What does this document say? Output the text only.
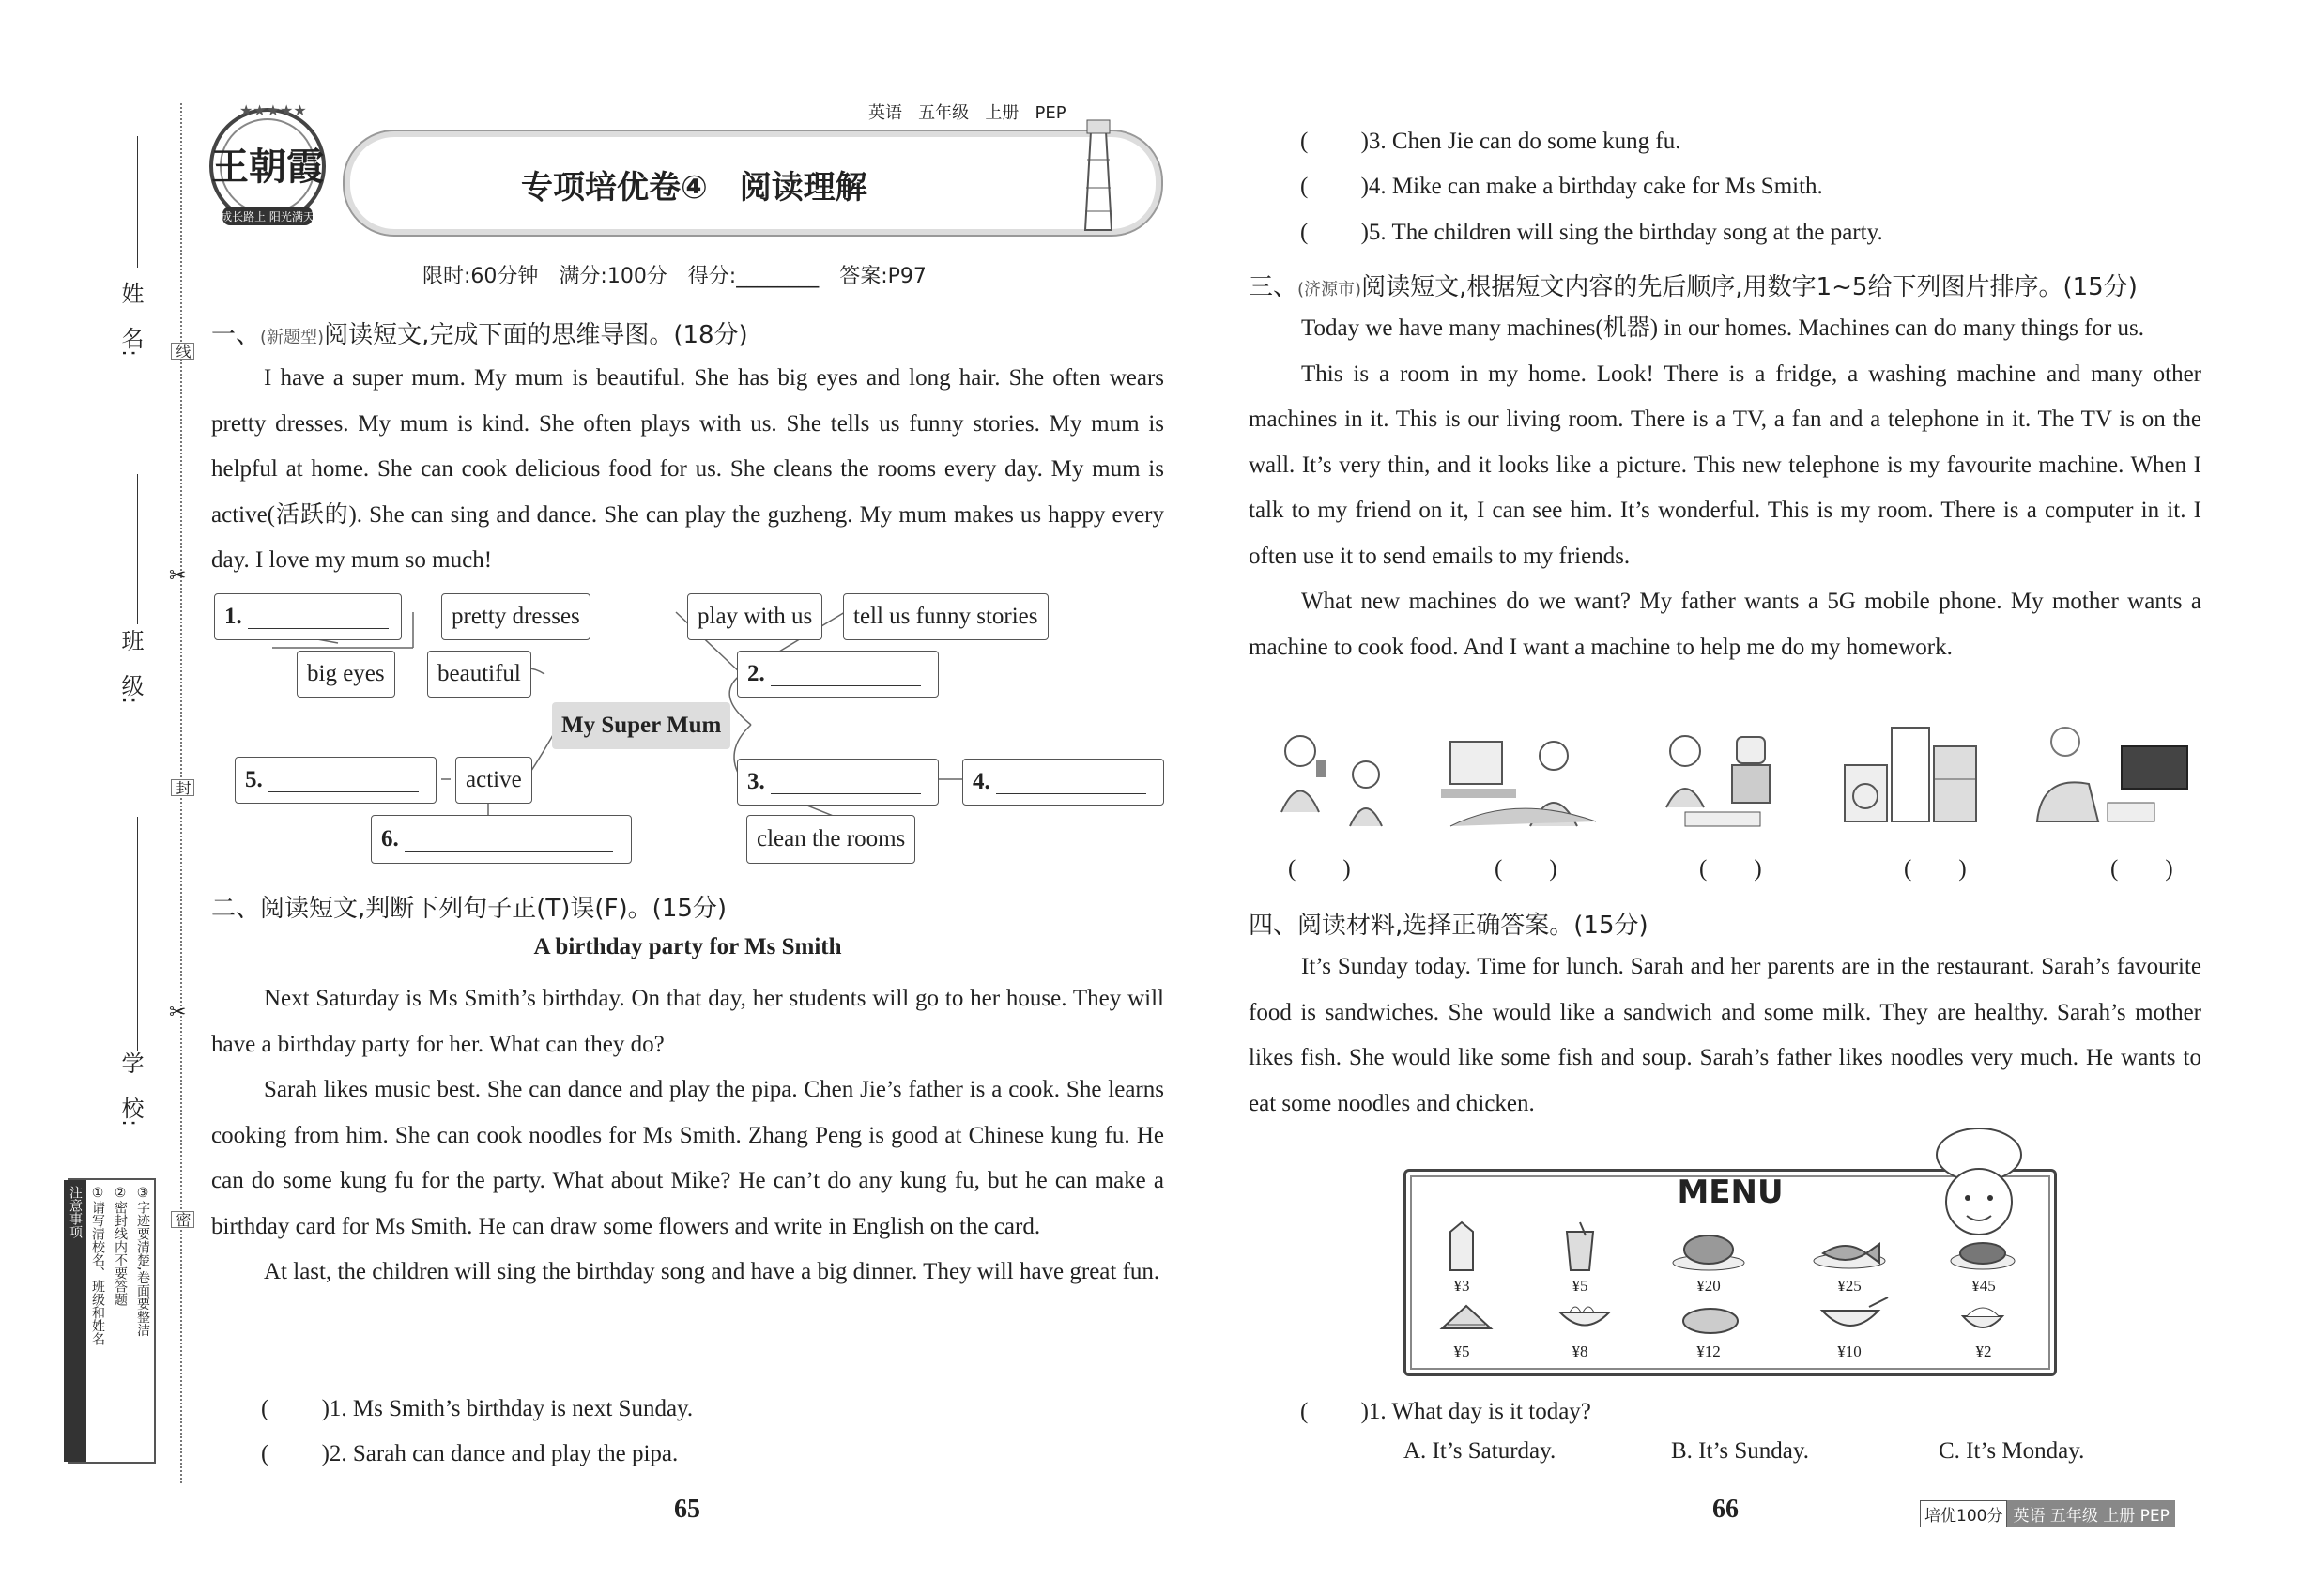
姓　名:
班　级:
学　校:
线
封
密
✂
✂
③字迹要清楚,卷面要整洁
②密封线内不要答题
①请写清校名、班级和姓名
注意事项
★★★★★
王朝霞
成长路上 阳光满天
英语 五年级 上册 PEP
专项培优卷④　阅读理解
限时:60分钟　满分:100分　得分:________　答案:P97
一、(新题型)阅读短文,完成下面的思维导图。(18分)

I have a super mum. My mum is beautiful. She has big eyes and long hair. She often wears pretty dresses. My mum is kind. She often plays with us. She tells us funny stories. My mum is helpful at home. She can cook delicious food for us. She cleans the rooms every day. My mum is active(活跃的). She can sing and dance. She can play the guzheng. My mum makes us happy every day. I love my mum so much!

1.
	pretty dresses
big eyes	beautiful
play with us	tell us funny stories
2.

My Super Mum
5.
	active	3.
	4.

6.
	clean the rooms
二、阅读短文,判断下列句子正(T)误(F)。(15分)
A birthday party for Ms Smith

Next Saturday is Ms Smith’s birthday. On that day, her students will go to her house. They will have a birthday party for her. What can they do?

Sarah likes music best. She can dance and play the pipa. Chen Jie’s father is a cook. She learns cooking from him. She can cook noodles for Ms Smith. Zhang Peng is good at Chinese kung fu. He can do some kung fu for the party. What about Mike? He can’t do any kung fu, but he can make a birthday card for Ms Smith. He can draw some flowers and write in English on the card.

At last, the children will sing the birthday song and have a big dinner. They will have great fun.

( 　　)1. Ms Smith’s birthday is next Sunday.
( 　　)2. Sarah can dance and play the pipa.
( 　　)3. Chen Jie can do some kung fu.
( 　　)4. Mike can make a birthday cake for Ms Smith.
( 　　)5. The children will sing the birthday song at the party.
三、(济源市)阅读短文,根据短文内容的先后顺序,用数字1~5给下列图片排序。(15分)

Today we have many machines(机器) in our homes. Machines can do many things for us.

This is a room in my home. Look! There is a fridge, a washing machine and many other machines in it. This is our living room. There is a TV, a fan and a telephone in it. The TV is on the wall. It’s very thin, and it looks like a picture. This new telephone is my favourite machine. When I talk to my friend on it, I can see him. It’s wonderful. This is my room. There is a computer in it. I often use it to send emails to my friends.

What new machines do we want? My father wants a 5G mobile phone. My mother wants a machine to cook food. And I want a machine to help me do my homework.

(　　)	(　　)	(　　)	(　　)	(　　)
四、阅读材料,选择正确答案。(15分)

It’s Sunday today. Time for lunch. Sarah and her parents are in the restaurant. Sarah’s favourite food is sandwiches. She would like a sandwich and some milk. They are healthy. Sarah’s mother likes fish. She would like some fish and soup. Sarah’s father likes noodles very much. He wants to eat some noodles and chicken.

MENU
¥3	¥5	¥20	¥25	¥45
¥5	¥8	¥12	¥10	¥2
( 　　)1. What day is it today?
A. It’s Saturday.	B. It’s Sunday.	C. It’s Monday.
65	66	培优100分 英语 五年级 上册 PEP
